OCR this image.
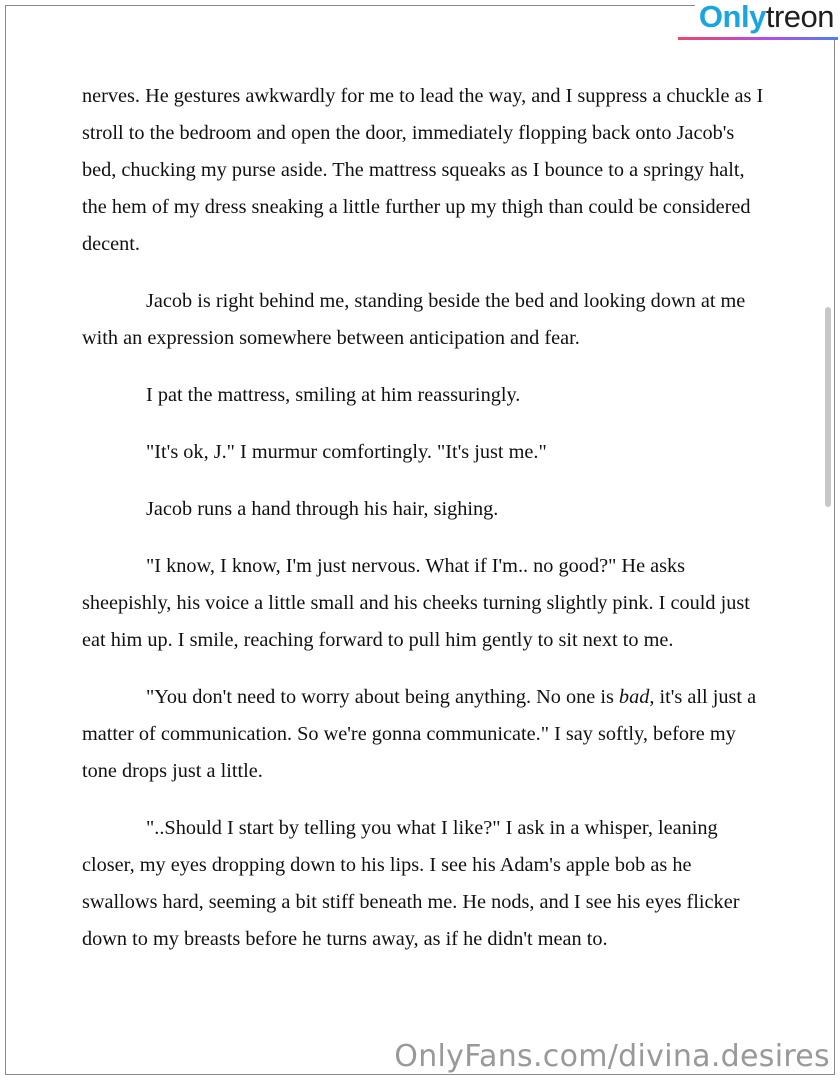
Onlytreon

nerves. He gestures awkwardly for me to lead the way, and I suppress a chuckle as I stroll to the bedroom and open the door, immediately flopping back onto Jacob's bed, chucking my purse aside. The mattress squeaks as I bounce to a springy halt, the hem of my dress sneaking a little further up my thigh than could be considered decent.

Jacob is right behind me, standing beside the bed and looking down at me with an expression somewhere between anticipation and fear.

I pat the mattress, smiling at him reassuringly.

"It's ok, J." I murmur comfortingly. "It's just me."

Jacob runs a hand through his hair, sighing.

"I know, I know, I'm just nervous. What if I'm.. no good?" He asks sheepishly, his voice a little small and his cheeks turning slightly pink. I could just eat him up. I smile, reaching forward to pull him gently to sit next to me.

"You don't need to worry about being anything. No one is bad, it's all just a matter of communication. So we're gonna communicate." I say softly, before my tone drops just a little.

"..Should I start by telling you what I like?" I ask in a whisper, leaning closer, my eyes dropping down to his lips. I see his Adam's apple bob as he swallows hard, seeming a bit stiff beneath me. He nods, and I see his eyes flicker down to my breasts before he turns away, as if he didn't mean to.

OnlyFans.com/divina.desires
